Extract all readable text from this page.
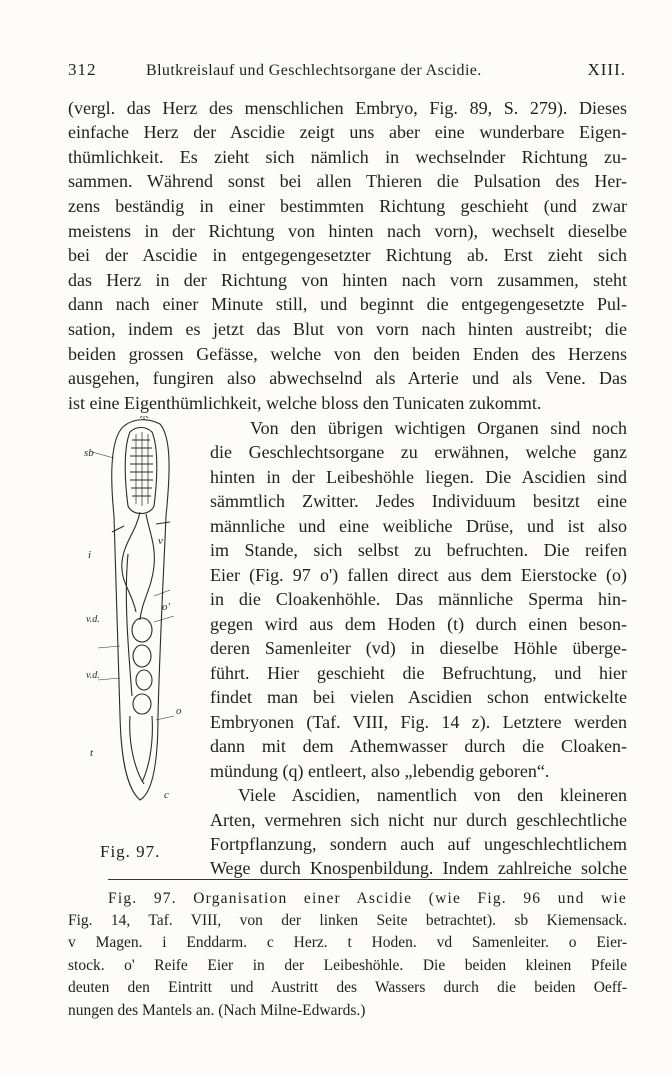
312	Blutkreislauf und Geschlechtsorgane der Ascidie.	XIII.
(vergl. das Herz des menschlichen Embryo, Fig. 89, S. 279). Dieses
einfache Herz der Ascidie zeigt uns aber eine wunderbare Eigen-
thümlichkeit. Es zieht sich nämlich in wechselnder Richtung zu-
sammen. Während sonst bei allen Thieren die Pulsation des Her-
zens beständig in einer bestimmten Richtung geschieht (und zwar
meistens in der Richtung von hinten nach vorn), wechselt dieselbe
bei der Ascidie in entgegengesetzter Richtung ab. Erst zieht sich
das Herz in der Richtung von hinten nach vorn zusammen, steht
dann nach einer Minute still, und beginnt die entgegengesetzte Pul-
sation, indem es jetzt das Blut von vorn nach hinten austreibt; die
beiden grossen Gefässe, welche von den beiden Enden des Herzens
ausgehen, fungiren also abwechselnd als Arterie und als Vene. Das
ist eine Eigenthümlichkeit, welche bloss den Tunicaten zukommt.
sb
v
i
v.d.
o'
v.d.
o
t
c
Fig. 97.
Von den übrigen wichtigen Organen sind noch
die Geschlechtsorgane zu erwähnen, welche ganz
hinten in der Leibeshöhle liegen. Die Ascidien sind
sämmtlich Zwitter. Jedes Individuum besitzt eine
männliche und eine weibliche Drüse, und ist also
im Stande, sich selbst zu befruchten. Die reifen
Eier (Fig. 97 o') fallen direct aus dem Eierstocke (o)
in die Cloakenhöhle. Das männliche Sperma hin-
gegen wird aus dem Hoden (t) durch einen beson-
deren Samenleiter (vd) in dieselbe Höhle überge-
führt. Hier geschieht die Befruchtung, und hier
findet man bei vielen Ascidien schon entwickelte
Embryonen (Taf. VIII, Fig. 14 z). Letztere werden
dann mit dem Athemwasser durch die Cloaken-
mündung (q) entleert, also „lebendig geboren“.
Viele Ascidien, namentlich von den kleineren
Arten, vermehren sich nicht nur durch geschlechtliche
Fortpflanzung, sondern auch auf ungeschlechtlichem
Wege durch Knospenbildung. Indem zahlreiche solche
Fig. 97. Organisation einer Ascidie (wie Fig. 96 und wie
Fig. 14, Taf. VIII, von der linken Seite betrachtet). sb Kiemensack.
v Magen. i Enddarm. c Herz. t Hoden. vd Samenleiter. o Eier-
stock. o' Reife Eier in der Leibeshöhle. Die beiden kleinen Pfeile
deuten den Eintritt und Austritt des Wassers durch die beiden Oeff-
nungen des Mantels an. (Nach Milne-Edwards.)
